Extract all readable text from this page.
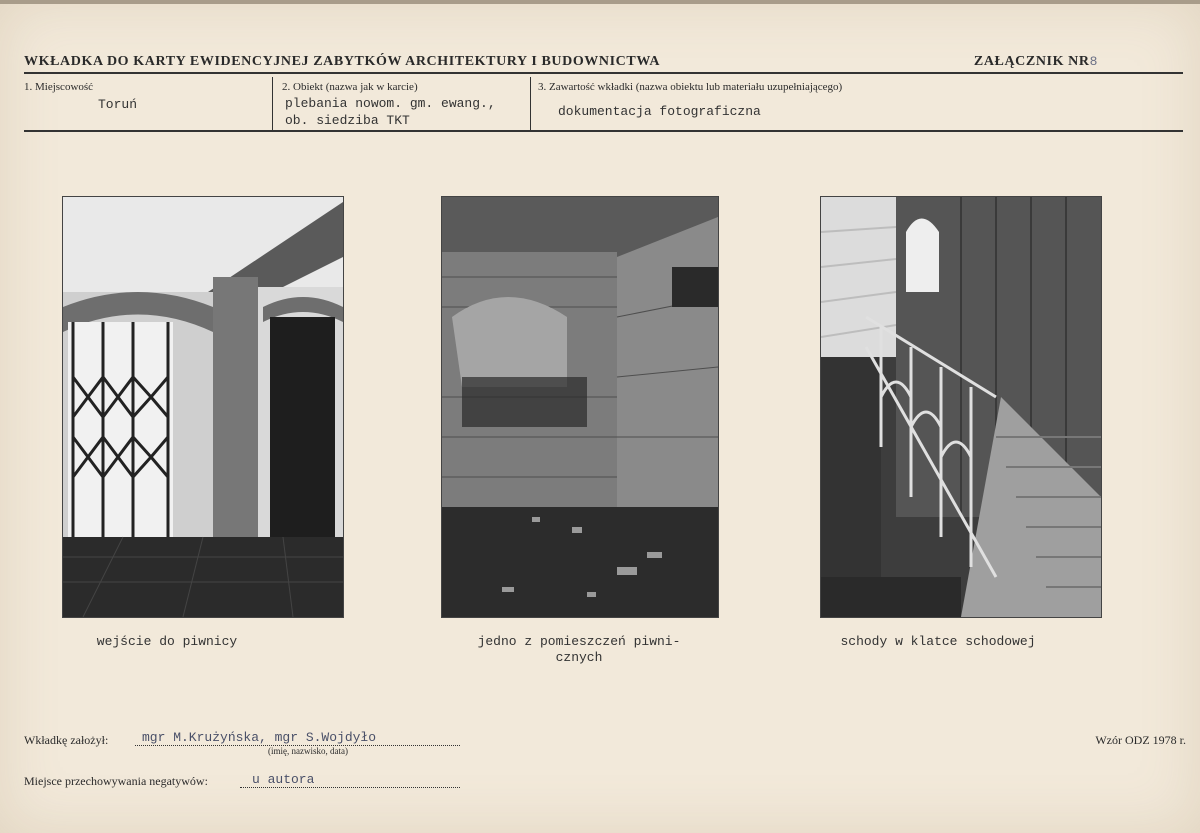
WKŁADKA DO KARTY EWIDENCYJNEJ ZABYTKÓW ARCHITEKTURY I BUDOWNICTWA	ZAŁĄCZNIK NR8
1. Miejscowość
Toruń
2. Obiekt (nazwa jak w karcie)
plebania nowom. gm. ewang.,
ob. siedziba TKT
3. Zawartość wkładki (nazwa obiektu lub materiału uzupełniającego)
dokumentacja fotograficzna
wejście do piwnicy	jedno z pomieszczeń piwni-
cznych
schody w klatce schodowej
Wkładkę założył:	mgr M.Krużyńska, mgr S.Wojdyło
(imię, nazwisko, data)
Miejsce przechowywania negatywów:	u autora
Wzór ODZ 1978 r.
